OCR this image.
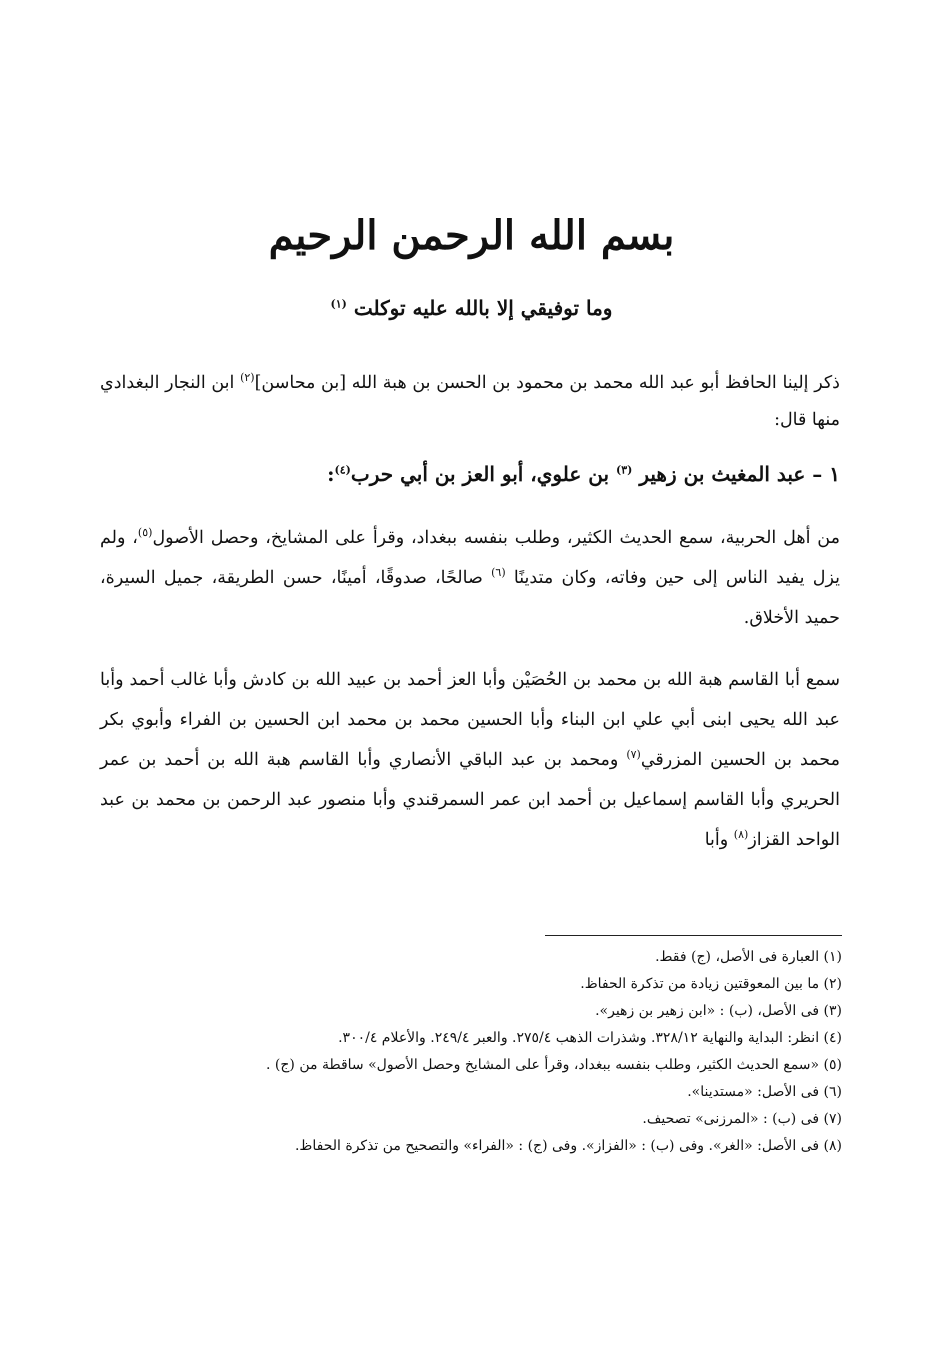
بسم الله الرحمن الرحيم
وما توفيقي إلا بالله عليه توكلت $^{(١)}$

ذكر إلينا الحافظ أبو عبد الله محمد بن محمود بن الحسن بن هبة الله [بن محاسن]$^{(٢)}$ ابن النجار البغدادي منها قال:

١ – عبد المغيث بن زهير $^{(٣)}$ بن علوي، أبو العز بن أبي حرب$^{(٤)}$:

من أهل الحربية، سمع الحديث الكثير، وطلب بنفسه ببغداد، وقرأ على المشايخ، وحصل الأصول$^{(٥)}$، ولم يزل يفيد الناس إلى حين وفاته، وكان متدينًا $^{(٦)}$ صالحًا، صدوقًا، أمينًا، حسن الطريقة، جميل السيرة، حميد الأخلاق.

سمع أبا القاسم هبة الله بن محمد بن الحُصَيْن وأبا العز أحمد بن عبيد الله بن كادش وأبا غالب أحمد وأبا عبد الله يحيى ابنى أبي علي ابن البناء وأبا الحسين محمد بن محمد ابن الحسين بن الفراء وأبوي بكر محمد بن الحسين المزرقي$^{(٧)}$ ومحمد بن عبد الباقي الأنصاري وأبا القاسم هبة الله بن أحمد بن عمر الحريري وأبا القاسم إسماعيل بن أحمد ابن عمر السمرقندي وأبا منصور عبد الرحمن بن محمد بن عبد الواحد القزاز$^{(٨)}$ وأبا

(١) العبارة فى الأصل، (ج) فقط.
(٢) ما بين المعوقتين زيادة من تذكرة الحفاظ.
(٣) فى الأصل، (ب) : «ابن زهير بن زهير».
(٤) انظر: البداية والنهاية ٣٢٨/١٢. وشذرات الذهب ٢٧٥/٤. والعبر ٢٤٩/٤. والأعلام ٣٠٠/٤.
(٥) «سمع الحديث الكثير، وطلب بنفسه ببغداد، وقرأ على المشايخ وحصل الأصول» ساقطة من (ج) .
(٦) فى الأصل: «مستدينا».
(٧) فى (ب) : «المرزنى» تصحيف.
(٨) فى الأصل: «الغر». وفى (ب) : «الفزاز». وفى (ج) : «الفراء» والتصحيح من تذكرة الحفاظ.
